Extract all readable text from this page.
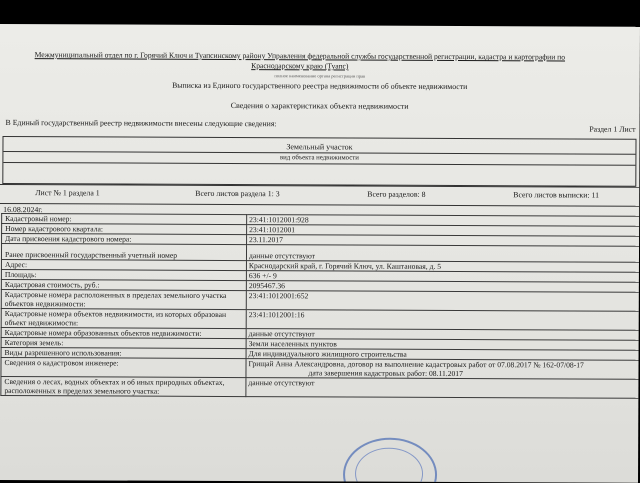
Межмуниципальный отдел по г. Горячий Ключ и Туапсинскому району Управления федеральной службы государственной регистрации, кадастра и картографии по Краснодарскому краю (Туапс)
полное наименование органа регистрации прав
Выписка из Единого государственного реестра недвижимости об объекте недвижимости
Сведения о характеристиках объекта недвижимости
В Единый государственный реестр недвижимости внесены следующие сведения:
Раздел 1 Лист
Земельный участок
вид объекта недвижимости
Лист № 1 раздела 1	Всего листов раздела 1: 3	Всего разделов: 8	Всего листов выписки: 11
16.08.2024г.
Кадастровый номер:	23:41:1012001:928
Номер кадастрового квартала:	23:41:1012001
Дата присвоения кадастрового номера:	23.11.2017
Ранее присвоенный государственный учетный номер	данные отсутствуют
Адрес:	Краснодарский край, г. Горячий Ключ, ул. Каштановая, д. 5
Площадь:	636 +/- 9
Кадастровая стоимость, руб.:	2095467.36
Кадастровые номера расположенных в пределах земельного участка объектов недвижимости:	23:41:1012001:652
Кадастровые номера объектов недвижимости, из которых образован объект недвижимости:	23:41:1012001:16
Кадастровые номера образованных объектов недвижимости:	данные отсутствуют
Категория земель:	Земли населенных пунктов
Виды разрешенного использования:	Для индивидуального жилищного строительства
Сведения о кадастровом инженере:	Грищай Анна Александровна, договор на выполнение кадастровых работ от 07.08.2017 № 162-07/08-17
дата завершения кадастровых работ: 08.11.2017

Сведения о лесах, водных объектах и об иных природных объектах, расположенных в пределах земельного участка:	данные отсутствуют
